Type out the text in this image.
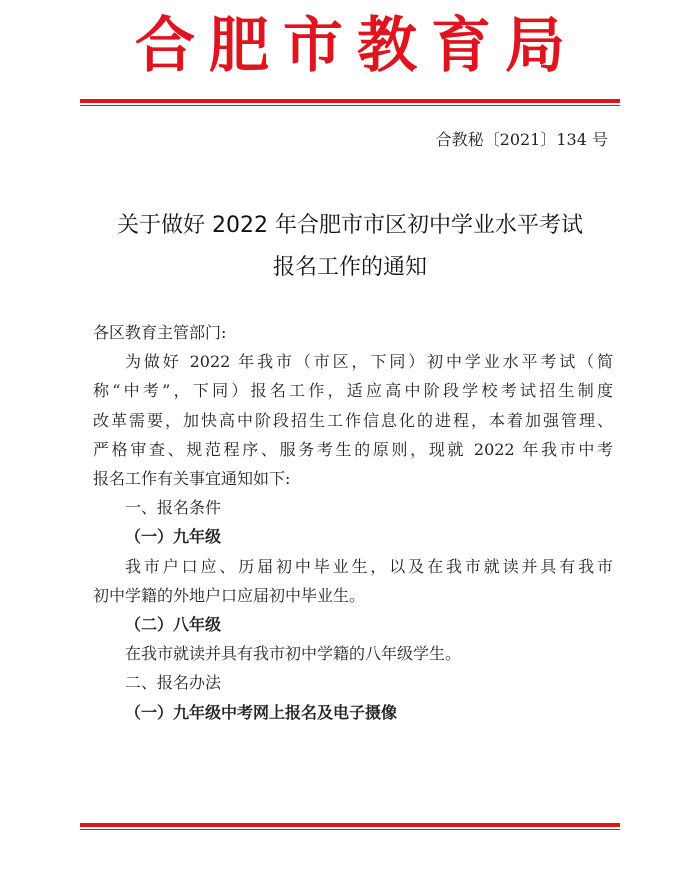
合肥市教育局
合教秘〔2021〕134 号
关于做好 2022 年合肥市市区初中学业水平考试
报名工作的通知

各区教育主管部门:

为做好 2022 年我市（市区，下同）初中学业水平考试（简

称“中考”，下同）报名工作，适应高中阶段学校考试招生制度

改革需要，加快高中阶段招生工作信息化的进程，本着加强管理、

严格审查、规范程序、服务考生的原则，现就 2022 年我市中考

报名工作有关事宜通知如下:

一、报名条件

（一）九年级

我市户口应、历届初中毕业生，以及在我市就读并具有我市

初中学籍的外地户口应届初中毕业生。

（二）八年级

在我市就读并具有我市初中学籍的八年级学生。

二、报名办法

（一）九年级中考网上报名及电子摄像
